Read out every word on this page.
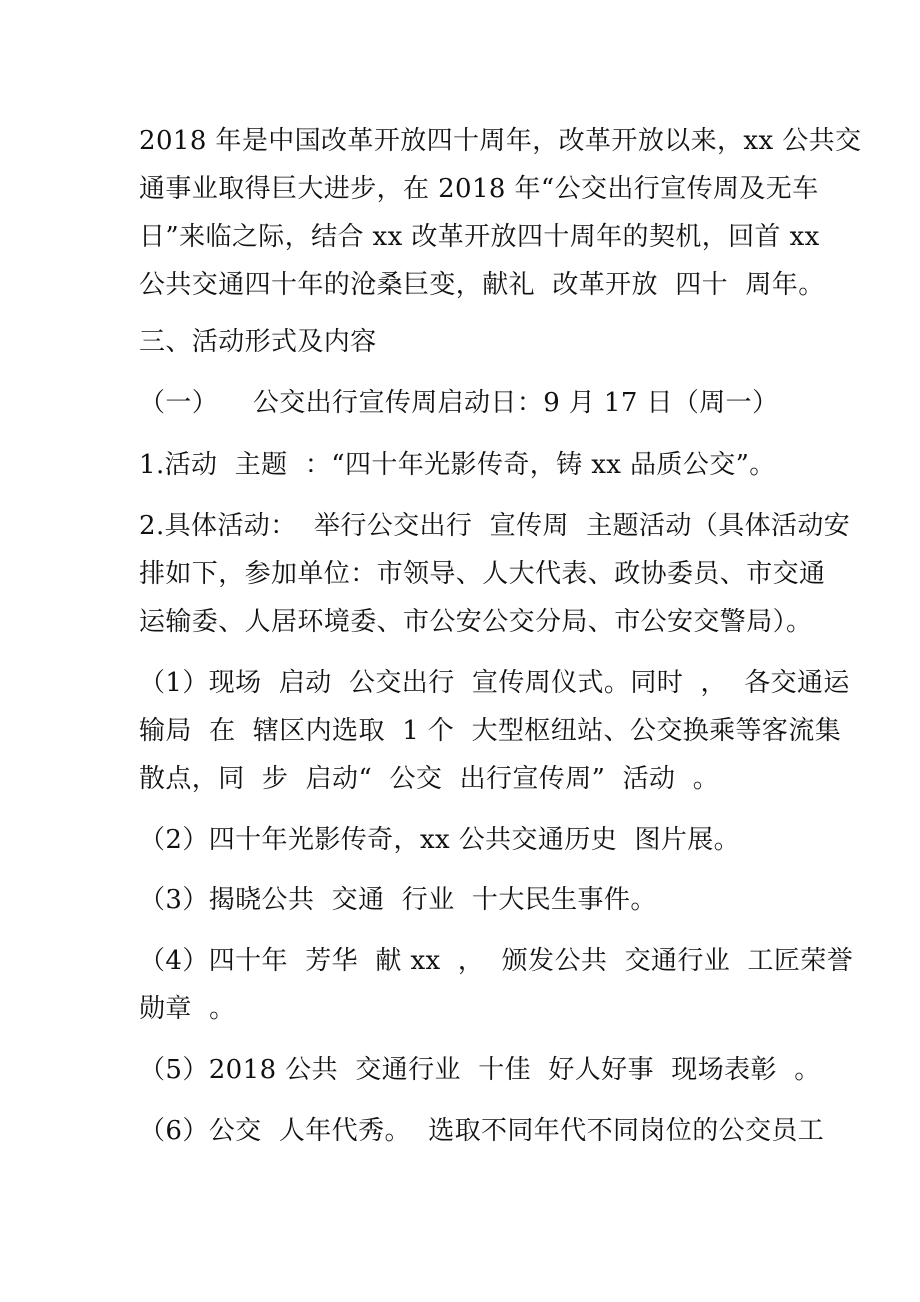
2018 年是中国改革开放四十周年，改革开放以来，xx 公共交
通事业取得巨大进步，在 2018 年“公交出行宣传周及无车
日”来临之际，结合 xx 改革开放四十周年的契机，回首 xx
公共交通四十年的沧桑巨变，献礼  改革开放  四十  周年。
三、活动形式及内容
（一）    公交出行宣传周启动日：9 月 17 日（周一）
1.活动  主题  ：“四十年光影传奇，铸 xx 品质公交”。
2.具体活动：  举行公交出行  宣传周  主题活动（具体活动安
排如下，参加单位：市领导、人大代表、政协委员、市交通
运输委、人居环境委、市公安公交分局、市公安交警局）。
（1）现场  启动  公交出行  宣传周仪式。同时  ，  各交通运
输局  在  辖区内选取  1 个  大型枢纽站、公交换乘等客流集
散点，同  步  启动“  公交  出行宣传周”  活动  。
（2）四十年光影传奇，xx 公共交通历史  图片展。
（3）揭晓公共  交通  行业  十大民生事件。
（4）四十年  芳华  献 xx  ，  颁发公共  交通行业  工匠荣誉
勋章  。
（5）2018 公共  交通行业  十佳  好人好事  现场表彰  。
（6）公交  人年代秀。  选取不同年代不同岗位的公交员工
